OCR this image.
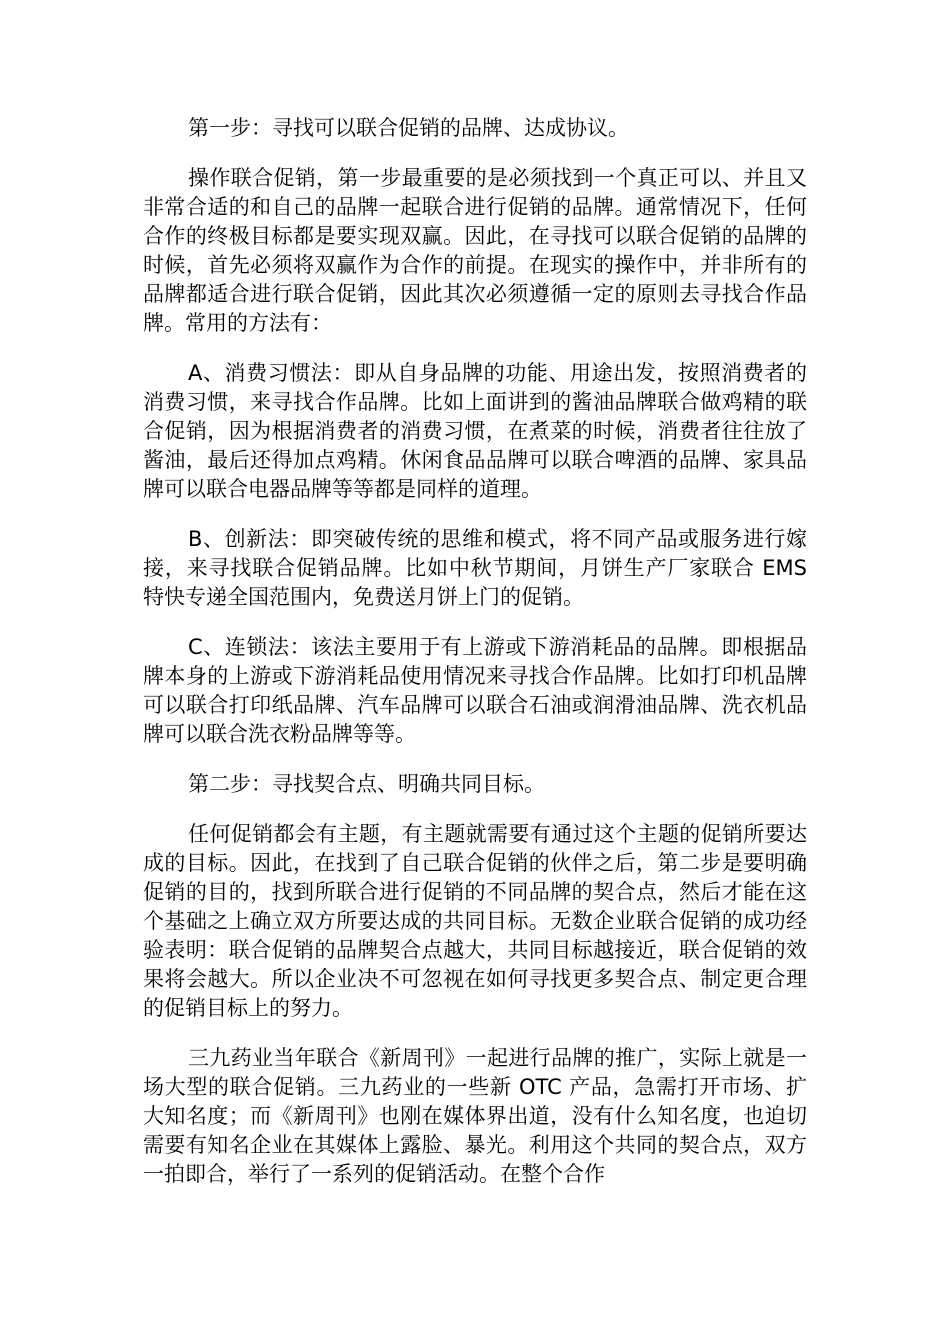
第一步：寻找可以联合促销的品牌、达成协议。

操作联合促销，第一步最重要的是必须找到一个真正可以、并且又非常合适的和自己的品牌一起联合进行促销的品牌。通常情况下，任何合作的终极目标都是要实现双赢。因此，在寻找可以联合促销的品牌的时候，首先必须将双赢作为合作的前提。在现实的操作中，并非所有的品牌都适合进行联合促销，因此其次必须遵循一定的原则去寻找合作品牌。常用的方法有：

A、消费习惯法：即从自身品牌的功能、用途出发，按照消费者的消费习惯，来寻找合作品牌。比如上面讲到的酱油品牌联合做鸡精的联合促销，因为根据消费者的消费习惯，在煮菜的时候，消费者往往放了酱油，最后还得加点鸡精。休闲食品品牌可以联合啤酒的品牌、家具品牌可以联合电器品牌等等都是同样的道理。

B、创新法：即突破传统的思维和模式，将不同产品或服务进行嫁接，来寻找联合促销品牌。比如中秋节期间，月饼生产厂家联合 EMS 特快专递全国范围内，免费送月饼上门的促销。

C、连锁法：该法主要用于有上游或下游消耗品的品牌。即根据品牌本身的上游或下游消耗品使用情况来寻找合作品牌。比如打印机品牌可以联合打印纸品牌、汽车品牌可以联合石油或润滑油品牌、洗衣机品牌可以联合洗衣粉品牌等等。

第二步：寻找契合点、明确共同目标。

任何促销都会有主题，有主题就需要有通过这个主题的促销所要达成的目标。因此，在找到了自己联合促销的伙伴之后，第二步是要明确促销的目的，找到所联合进行促销的不同品牌的契合点，然后才能在这个基础之上确立双方所要达成的共同目标。无数企业联合促销的成功经验表明：联合促销的品牌契合点越大，共同目标越接近，联合促销的效果将会越大。所以企业决不可忽视在如何寻找更多契合点、制定更合理的促销目标上的努力。

三九药业当年联合《新周刊》一起进行品牌的推广，实际上就是一场大型的联合促销。三九药业的一些新 OTC 产品，急需打开市场、扩大知名度；而《新周刊》也刚在媒体界出道，没有什么知名度，也迫切需要有知名企业在其媒体上露脸、暴光。利用这个共同的契合点，双方一拍即合，举行了一系列的促销活动。在整个合作
